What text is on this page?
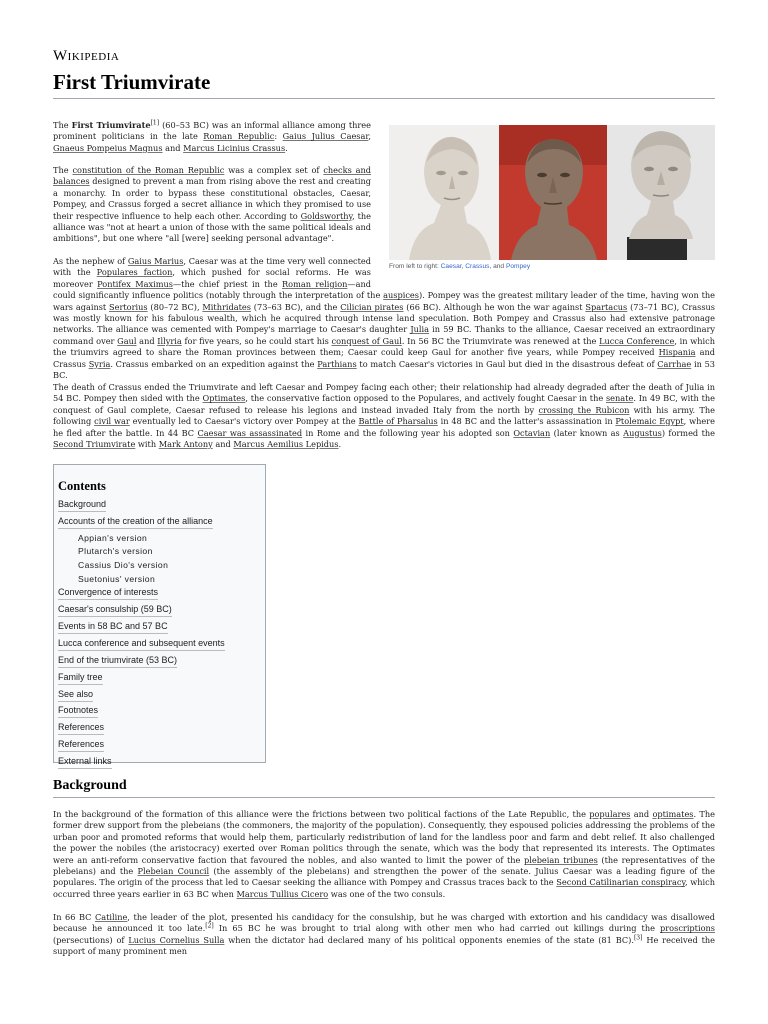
Wikipedia
First Triumvirate
From left to right: Caesar, Crassus, and Pompey

The First Triumvirate[1] (60–53 BC) was an informal alliance among three prominent politicians in the late Roman Republic: Gaius Julius Caesar, Gnaeus Pompeius Magnus and Marcus Licinius Crassus.

The constitution of the Roman Republic was a complex set of checks and balances designed to prevent a man from rising above the rest and creating a monarchy. In order to bypass these constitutional obstacles, Caesar, Pompey, and Crassus forged a secret alliance in which they promised to use their respective influence to help each other. According to Goldsworthy, the alliance was "not at heart a union of those with the same political ideals and ambitions", but one where "all [were] seeking personal advantage".

As the nephew of Gaius Marius, Caesar was at the time very well connected with the Populares faction, which pushed for social reforms. He was moreover Pontifex Maximus—the chief priest in the Roman religion—and could significantly influence politics (notably through the interpretation of the auspices). Pompey was the greatest military leader of the time, having won the wars against Sertorius (80–72 BC), Mithridates (73–63 BC), and the Cilician pirates (66 BC). Although he won the war against Spartacus (73–71 BC), Crassus was mostly known for his fabulous wealth, which he acquired through intense land speculation. Both Pompey and Crassus also had extensive patronage networks. The alliance was cemented with Pompey's marriage to Caesar's daughter Julia in 59 BC. Thanks to the alliance, Caesar received an extraordinary command over Gaul and Illyria for five years, so he could start his conquest of Gaul. In 56 BC the Triumvirate was renewed at the Lucca Conference, in which the triumvirs agreed to share the Roman provinces between them; Caesar could keep Gaul for another five years, while Pompey received Hispania and Crassus Syria. Crassus embarked on an expedition against the Parthians to match Caesar's victories in Gaul but died in the disastrous defeat of Carrhae in 53 BC.

The death of Crassus ended the Triumvirate and left Caesar and Pompey facing each other; their relationship had already degraded after the death of Julia in 54 BC. Pompey then sided with the Optimates, the conservative faction opposed to the Populares, and actively fought Caesar in the senate. In 49 BC, with the conquest of Gaul complete, Caesar refused to release his legions and instead invaded Italy from the north by crossing the Rubicon with his army. The following civil war eventually led to Caesar's victory over Pompey at the Battle of Pharsalus in 48 BC and the latter's assassination in Ptolemaic Egypt, where he fled after the battle. In 44 BC Caesar was assassinated in Rome and the following year his adopted son Octavian (later known as Augustus) formed the Second Triumvirate with Mark Antony and Marcus Aemilius Lepidus.

Contents
Background
Accounts of the creation of the alliance
Appian's version
Plutarch's version
Cassius Dio's version
Suetonius' version
Convergence of interests
Caesar's consulship (59 BC)
Events in 58 BC and 57 BC
Lucca conference and subsequent events
End of the triumvirate (53 BC)
Family tree
See also
Footnotes
References
References
External links
Background

In the background of the formation of this alliance were the frictions between two political factions of the Late Republic, the populares and optimates. The former drew support from the plebeians (the commoners, the majority of the population). Consequently, they espoused policies addressing the problems of the urban poor and promoted reforms that would help them, particularly redistribution of land for the landless poor and farm and debt relief. It also challenged the power the nobiles (the aristocracy) exerted over Roman politics through the senate, which was the body that represented its interests. The Optimates were an anti-reform conservative faction that favoured the nobles, and also wanted to limit the power of the plebeian tribunes (the representatives of the plebeians) and the Plebeian Council (the assembly of the plebeians) and strengthen the power of the senate. Julius Caesar was a leading figure of the populares. The origin of the process that led to Caesar seeking the alliance with Pompey and Crassus traces back to the Second Catilinarian conspiracy, which occurred three years earlier in 63 BC when Marcus Tullius Cicero was one of the two consuls.

In 66 BC Catiline, the leader of the plot, presented his candidacy for the consulship, but he was charged with extortion and his candidacy was disallowed because he announced it too late.[2] In 65 BC he was brought to trial along with other men who had carried out killings during the proscriptions (persecutions) of Lucius Cornelius Sulla when the dictator had declared many of his political opponents enemies of the state (81 BC).[3] He received the support of many prominent men
